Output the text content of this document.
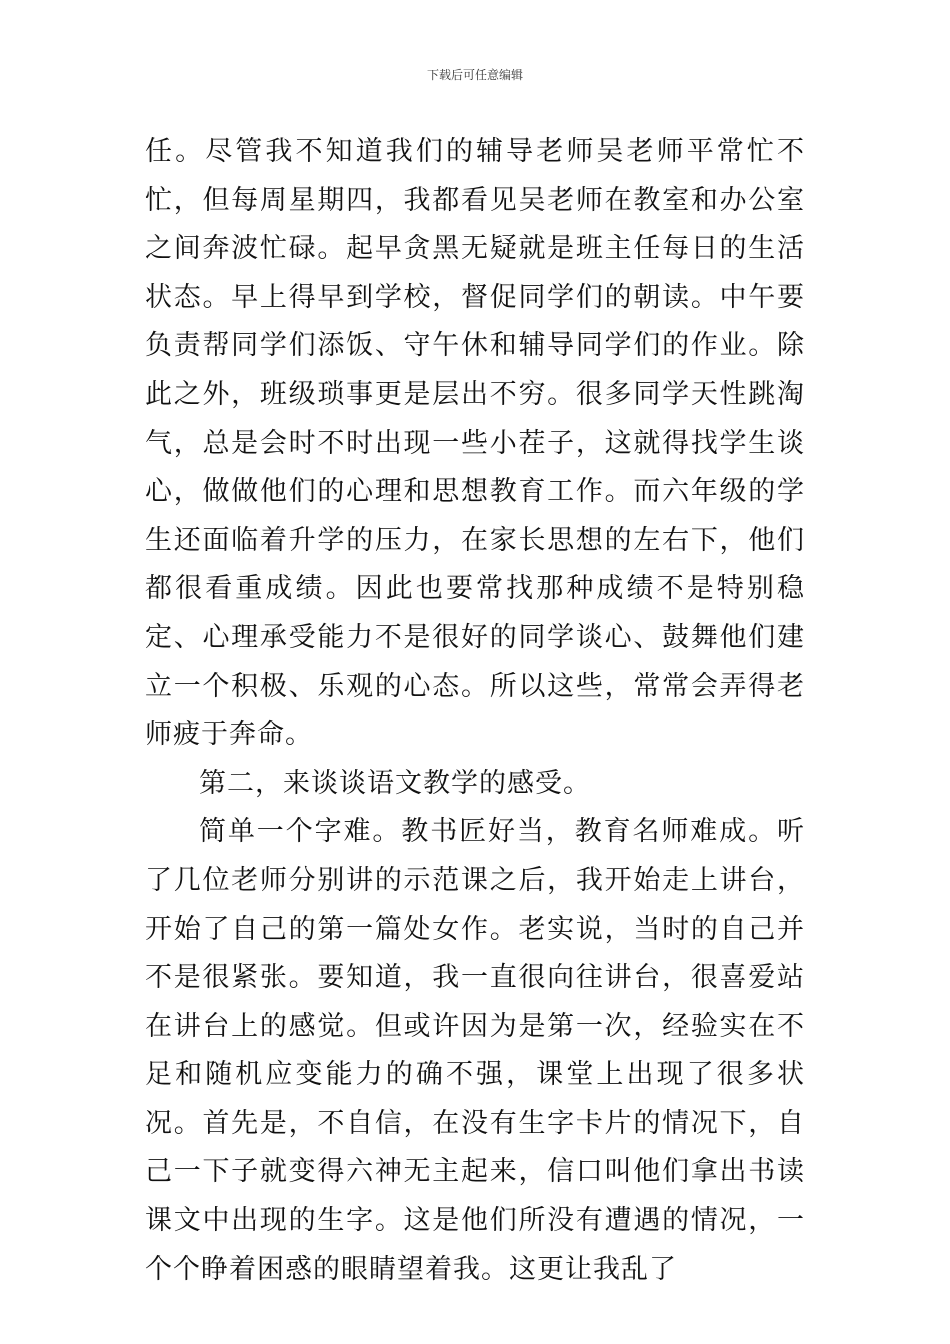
下载后可任意编辑

任。尽管我不知道我们的辅导老师吴老师平常忙不忙，但每周星期四，我都看见吴老师在教室和办公室之间奔波忙碌。起早贪黑无疑就是班主任每日的生活状态。早上得早到学校，督促同学们的朝读。中午要负责帮同学们添饭、守午休和辅导同学们的作业。除此之外，班级琐事更是层出不穷。很多同学天性跳淘气，总是会时不时出现一些小茬子，这就得找学生谈心，做做他们的心理和思想教育工作。而六年级的学生还面临着升学的压力，在家长思想的左右下，他们都很看重成绩。因此也要常找那种成绩不是特别稳定、心理承受能力不是很好的同学谈心、鼓舞他们建立一个积极、乐观的心态。所以这些，常常会弄得老师疲于奔命。

第二，来谈谈语文教学的感受。

简单一个字难。教书匠好当，教育名师难成。听了几位老师分别讲的示范课之后，我开始走上讲台，开始了自己的第一篇处女作。老实说，当时的自己并不是很紧张。要知道，我一直很向往讲台，很喜爱站在讲台上的感觉。但或许因为是第一次，经验实在不足和随机应变能力的确不强，课堂上出现了很多状况。首先是，不自信，在没有生字卡片的情况下，自己一下子就变得六神无主起来，信口叫他们拿出书读课文中出现的生字。这是他们所没有遭遇的情况，一个个睁着困惑的眼睛望着我。这更让我乱了
